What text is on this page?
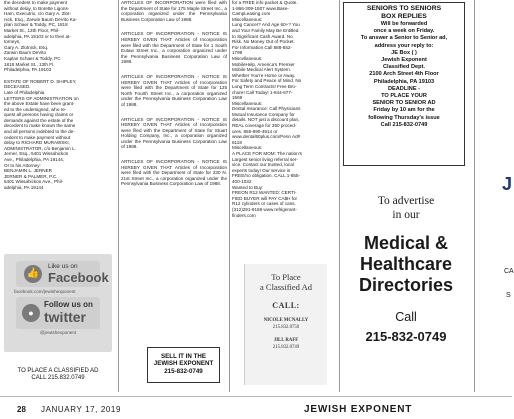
the decedent to make payment
without delay, to Borette Ligons-
Ham, Executrix, c/o Gary A. Zlot-
nick, Esq., Zarwin Baum DeVito Ka-
plan Schaer & Toddy, PC, 1818
Market St., 13th Floor, Phil-
adelphia, PA 19103 or to their at-
torneys,
Gary A. Zlotnick, Esq.
Zarwin Baum DeVito
Kaplan Schaer & Toddy, PC
1818 Market St., 13th Fl.
Philadelphia, PA 19103
ESTATE OF ROBERT D. SHIPLEY,
DECEASED.
Late of Philadelphia
LETTERS OF ADMINISTRATION on
the above Estate have been grant-
ed to the undersigned, who re-
quest all persons having claims or
demands against the estate of the
decedent to make known the same
and all persons indebted to the de-
cedent to make payment without
delay to RICHARD MURAWSKI,
ADMINISTRATOR, c/o Benjamin L.
Jerner, Esq., 5401 Wissahickon
Ave., Philadelphia, PA 19144,
Or to his Attorney:
BENJAMIN L. JERNER
JERNER & PALMER, P.C.
5401 Wissahickon Ave., Phil-
adelphia, PA 19144
👍
Like us on
Facebook
facebook.com/jewishexponent
●
Follow us on
twitter
@jewishexponent
TO PLACE A CLASSIFIED AD
CALL 215.832.0749

ARTICLES OF INCORPORATION were filed with the Department of State for 175 Maple Street Inc., a corporation organized under the Pennsylvania Business Corporation Law of 1988.

ARTICLES OF INCORPORATION - NOTICE IS HEREBY GIVEN THAT Articles of Incorporation were filed with the Department of State for 1 South Eutaw Street Inc., a corporation organized under the Pennsylvania Business Corporation Law of 1988.

ARTICLES OF INCORPORATION - NOTICE IS HEREBY GIVEN THAT Articles of Incorporation were filed with the Department of State for 125 North Fourth Street Inc., a corporation organized under the Pennsylvania Business Corporation Law of 1988.

ARTICLES OF INCORPORATION - NOTICE IS HEREBY GIVEN THAT Articles of Incorporation were filed with the Department of State for Stuart Holding Company, Inc., a corporation organized under the Pennsylvania Business Corporation Law of 1988.

ARTICLES OF INCORPORATION - NOTICE IS HEREBY GIVEN THAT Articles of Incorporation were filed with the Department of State for 230 N. 21st Street Inc., a corporation organized under the Pennsylvania Business Corporation Law of 1988.

SELL IT IN THE
JEWISH EXPONENT
215-832-0749
for a FREE info packet & Quote.
1-866-309-1507 www.Base-
CampLeasing.com
Miscellaneous:
Lung Cancer? And Age 60+? You
and Your Family May Be Entitled
to Significant Cash Award. No
Risk. No Money Out of Pocket.
For Information Call 888-652-
1799
Miscellaneous:
MobileHelp, America's Premier
Mobile Medical Alert System.
Whether You're Home or Away.
For Safety and Peace of Mind. No
Long Term Contracts! Free Bro-
chure! Call Today! 1-844-677-
1569
Miscellaneous:
Dental Insurance: Call Physicians
Mutual Insurance Company for
details. NOT just a discount plan,
REAL coverage for 350 proced-
ures. 855-890-4914 or
www.dental50plus.com/Penn Ad#
6118
Miscellaneous:
A PLACE FOR MOM: The nation's
Largest senior living referral ser-
vice. Contact our trusted, local
experts today! Our service is
FREE/no obligation. CALL 1-855-
400-1032
Wanted to Buy:
FREON R12 WANTED: CERTI-
FIED BUYER will PAY CA$H for
R12 cylinders or cases of cans.
(312)291-9169 www.refrigerant-
finders.com
To Place
a Classified Ad
CALL:
NICOLE MCNALLY
215.832.0750
JILL RAFF
215.832.0749
SENIORS TO SENIORS
BOX REPLIES
Will be forwarded
once a week on Friday.
To answer a Senior to Senior ad,
address your reply to:
JE Box ( )
Jewish Exponent
Classified Dept.
2100 Arch Street 4th Floor
Philadelphia, PA 19103
DEADLINE -
TO PLACE YOUR
SENIOR TO SENIOR AD
Friday by 10 am for the
following Thursday's issue
Call 215-832-0749
To advertise
in our
Medical &
Healthcare
Directories
Call
215-832-0749
J
CA
S
28 JANUARY 17, 2019	JEWISH EXPONENT
